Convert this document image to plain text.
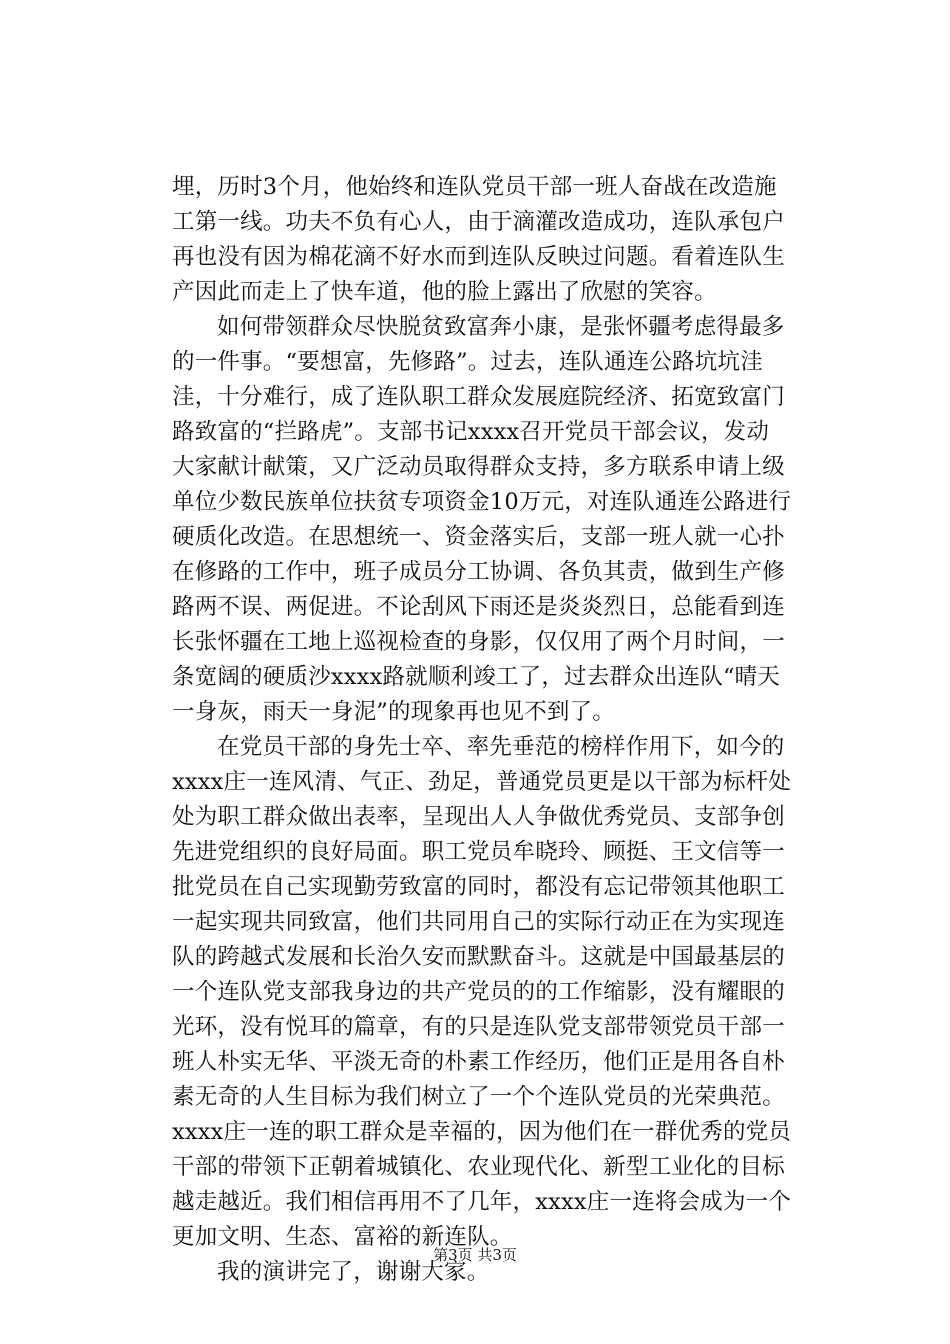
埋，历时3个月，他始终和连队党员干部一班人奋战在改造施
工第一线。功夫不负有心人，由于滴灌改造成功，连队承包户
再也没有因为棉花滴不好水而到连队反映过问题。看着连队生
产因此而走上了快车道，他的脸上露出了欣慰的笑容。
如何带领群众尽快脱贫致富奔小康，是张怀疆考虑得最多
的一件事。“要想富，先修路”。过去，连队通连公路坑坑洼
洼，十分难行，成了连队职工群众发展庭院经济、拓宽致富门
路致富的“拦路虎”。支部书记xxxx召开党员干部会议，发动
大家献计献策，又广泛动员取得群众支持，多方联系申请上级
单位少数民族单位扶贫专项资金10万元，对连队通连公路进行
硬质化改造。在思想统一、资金落实后，支部一班人就一心扑
在修路的工作中，班子成员分工协调、各负其责，做到生产修
路两不误、两促进。不论刮风下雨还是炎炎烈日，总能看到连
长张怀疆在工地上巡视检查的身影，仅仅用了两个月时间，一
条宽阔的硬质沙xxxx路就顺利竣工了，过去群众出连队“晴天
一身灰，雨天一身泥”的现象再也见不到了。
在党员干部的身先士卒、率先垂范的榜样作用下，如今的
xxxx庄一连风清、气正、劲足，普通党员更是以干部为标杆处
处为职工群众做出表率，呈现出人人争做优秀党员、支部争创
先进党组织的良好局面。职工党员牟晓玲、顾挺、王文信等一
批党员在自己实现勤劳致富的同时，都没有忘记带领其他职工
一起实现共同致富，他们共同用自己的实际行动正在为实现连
队的跨越式发展和长治久安而默默奋斗。这就是中国最基层的
一个连队党支部我身边的共产党员的的工作缩影，没有耀眼的
光环，没有悦耳的篇章，有的只是连队党支部带领党员干部一
班人朴实无华、平淡无奇的朴素工作经历，他们正是用各自朴
素无奇的人生目标为我们树立了一个个连队党员的光荣典范。
xxxx庄一连的职工群众是幸福的，因为他们在一群优秀的党员
干部的带领下正朝着城镇化、农业现代化、新型工业化的目标
越走越近。我们相信再用不了几年，xxxx庄一连将会成为一个
更加文明、生态、富裕的新连队。
我的演讲完了，谢谢大家。
第3页 共3页
